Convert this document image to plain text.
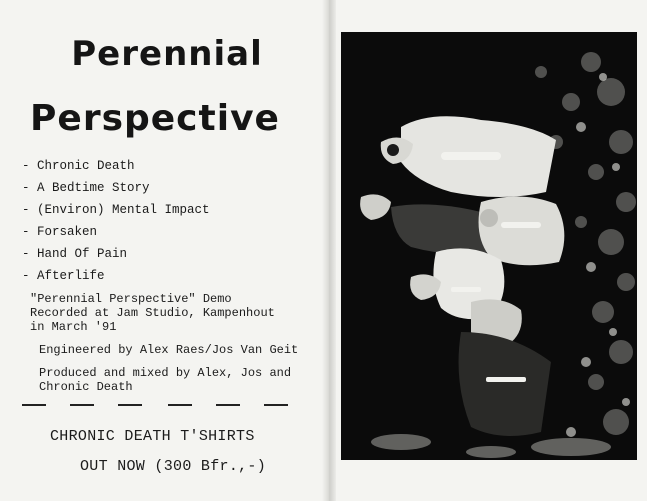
Perennial
Perspective
- Chronic Death
- A Bedtime Story
- (Environ) Mental Impact
- Forsaken
- Hand Of Pain
- Afterlife

"Perennial Perspective" Demo
Recorded at Jam Studio, Kampenhout
in March '91

Engineered by Alex Raes/Jos Van Geit

Produced and mixed by Alex, Jos and
Chronic Death

CHRONIC DEATH T'SHIRTS
OUT NOW (300 Bfr.,-)
